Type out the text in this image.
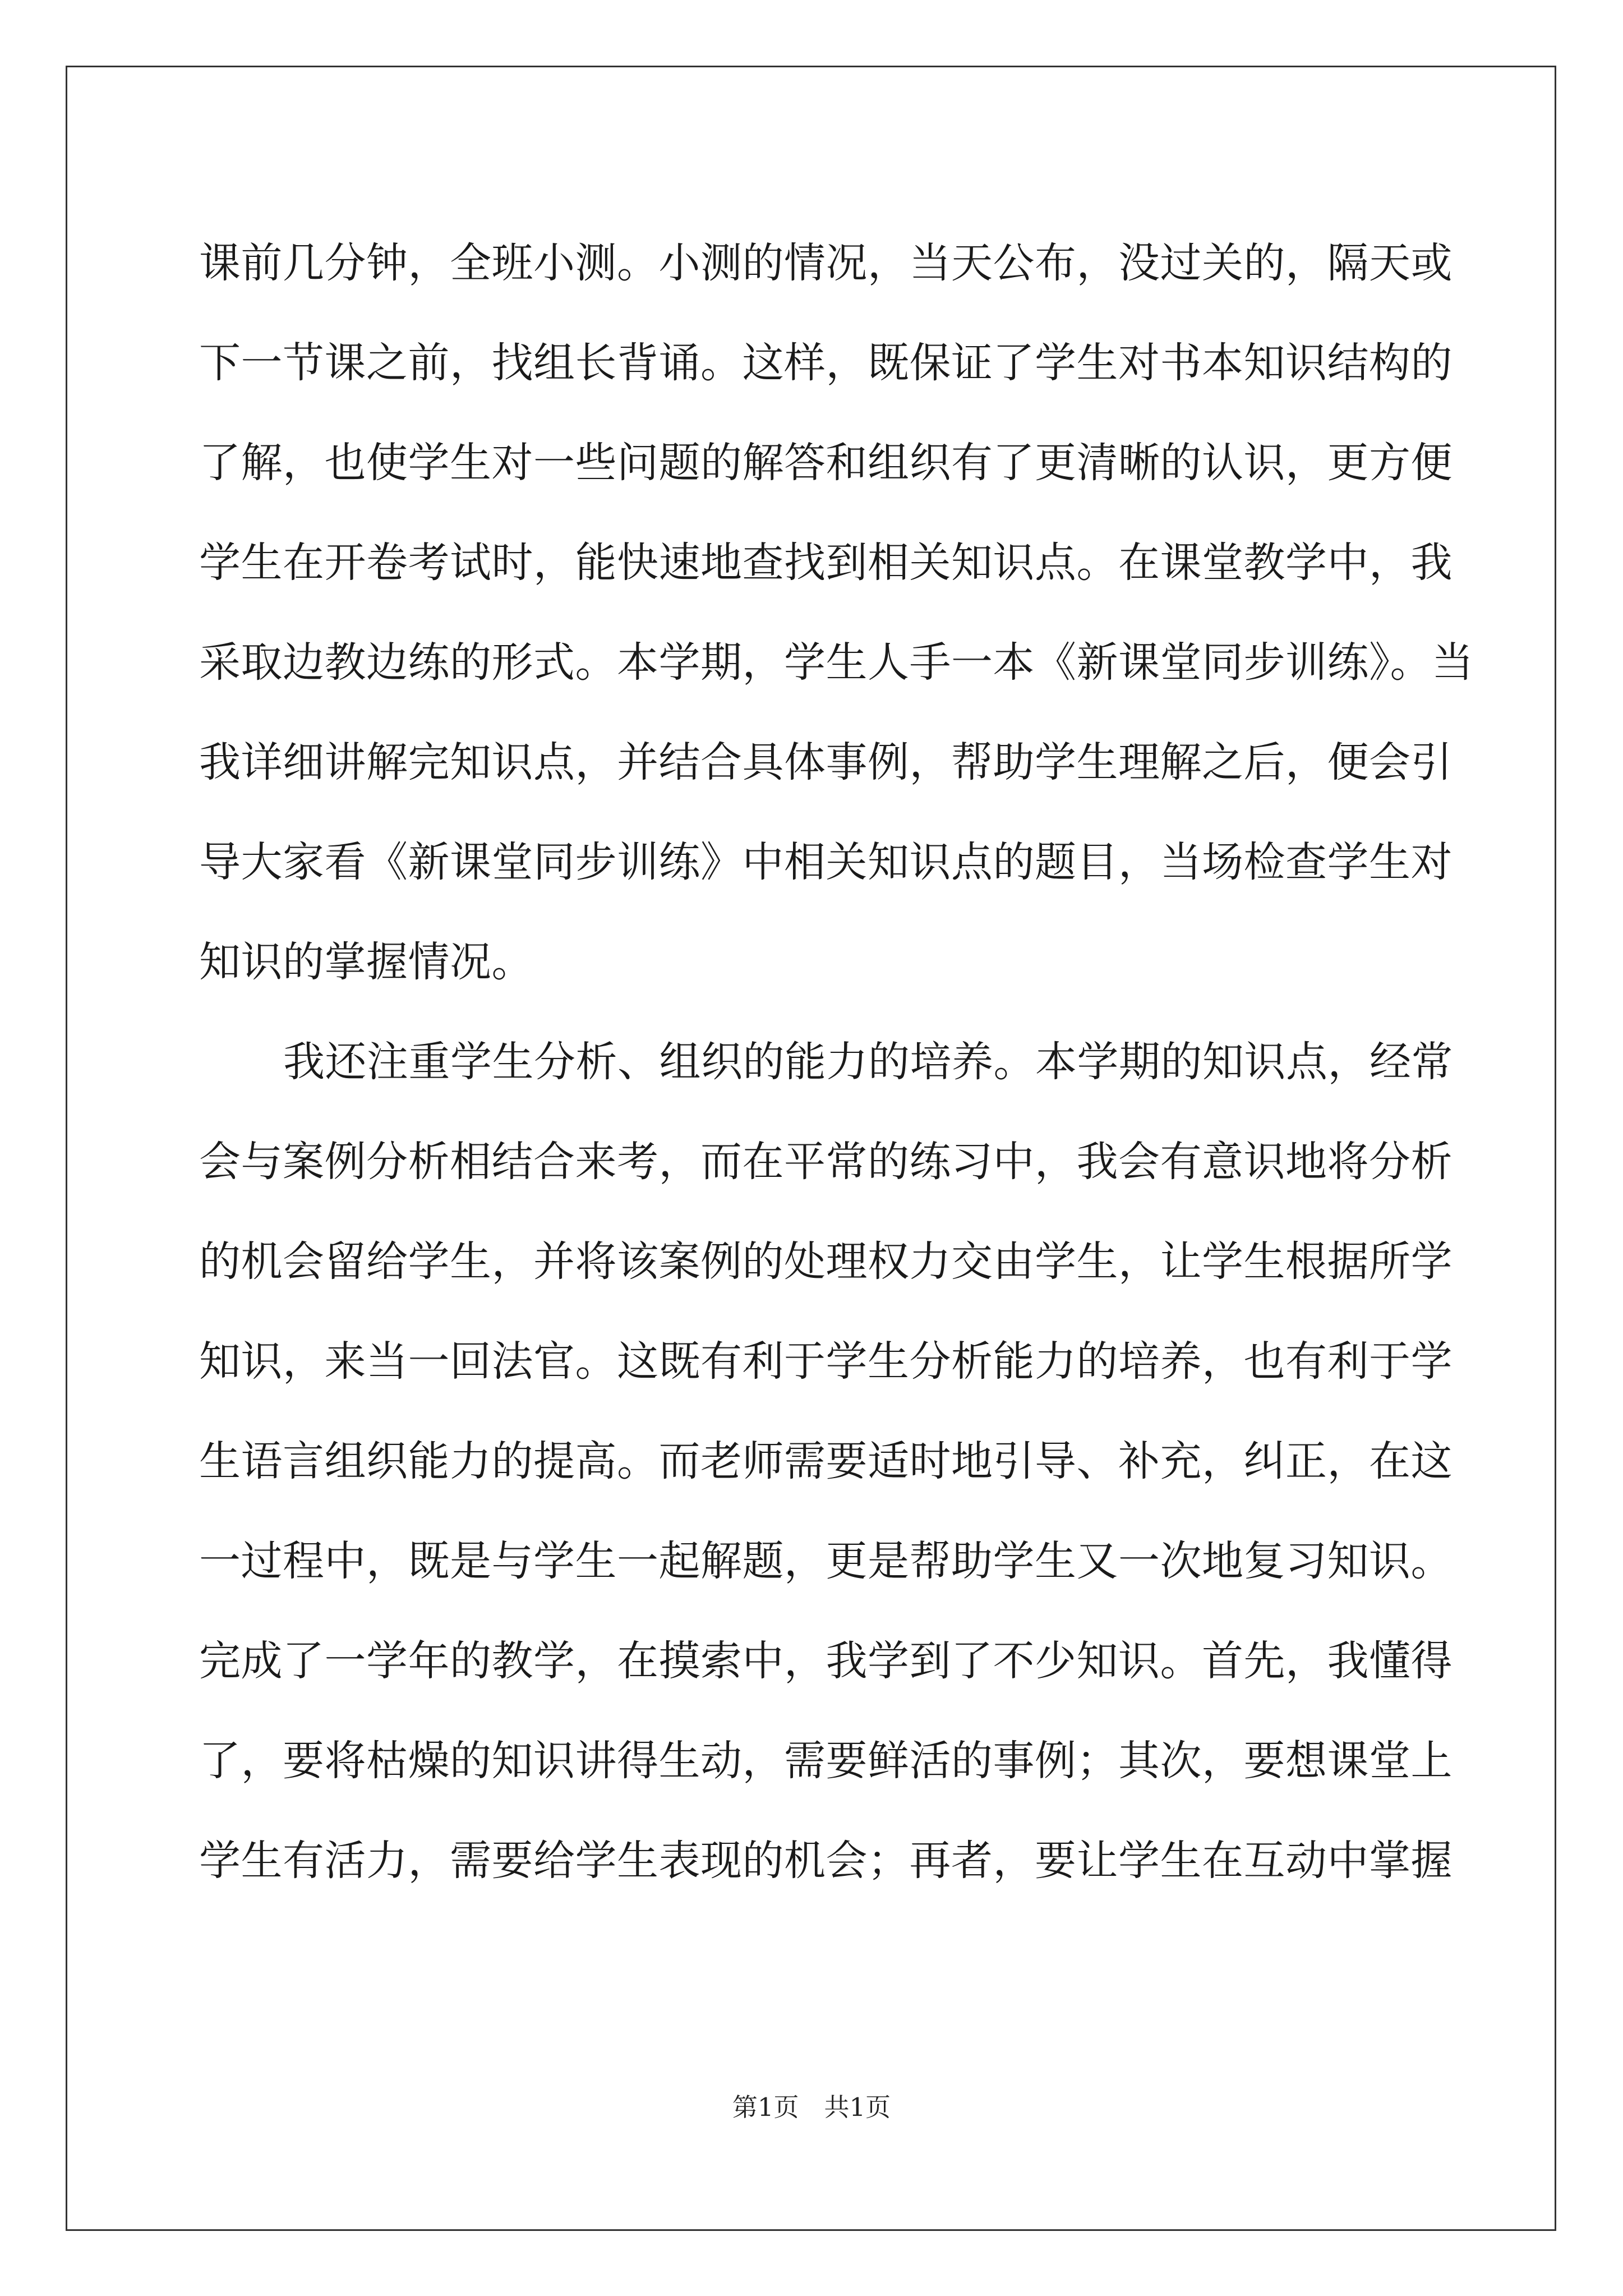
课前几分钟，全班小测。小测的情况，当天公布，没过关的，隔天或
下一节课之前，找组长背诵。这样，既保证了学生对书本知识结构的
了解，也使学生对一些问题的解答和组织有了更清晰的认识，更方便
学生在开卷考试时，能快速地查找到相关知识点。在课堂教学中，我
采取边教边练的形式。本学期，学生人手一本《新课堂同步训练》。当
我详细讲解完知识点，并结合具体事例，帮助学生理解之后，便会引
导大家看《新课堂同步训练》中相关知识点的题目，当场检查学生对
知识的掌握情况。
我还注重学生分析、组织的能力的培养。本学期的知识点，经常
会与案例分析相结合来考，而在平常的练习中，我会有意识地将分析
的机会留给学生，并将该案例的处理权力交由学生，让学生根据所学
知识，来当一回法官。这既有利于学生分析能力的培养，也有利于学
生语言组织能力的提高。而老师需要适时地引导、补充，纠正，在这
一过程中，既是与学生一起解题，更是帮助学生又一次地复习知识。
完成了一学年的教学，在摸索中，我学到了不少知识。首先，我懂得
了，要将枯燥的知识讲得生动，需要鲜活的事例；其次，要想课堂上
学生有活力，需要给学生表现的机会；再者，要让学生在互动中掌握
第1页　共1页
